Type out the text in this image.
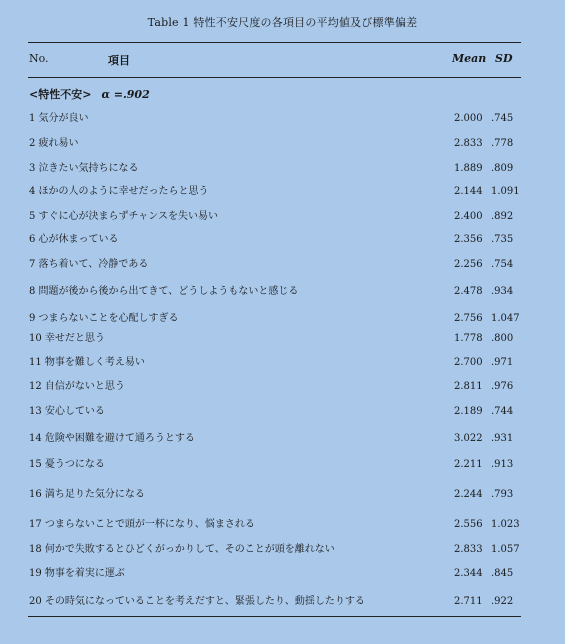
Table 1 特性不安尺度の各項目の平均値及び標準偏差
No.	項目	Mean SD
<特性不安> α =.902
1 気分が良い	2.000 .745
2 疲れ易い	2.833 .778
3 泣きたい気持ちになる	1.889 .809
4 ほかの人のように幸せだったらと思う	2.144 1.091
5 すぐに心が決まらずチャンスを失い易い	2.400 .892
6 心が休まっている	2.356 .735
7 落ち着いて、冷静である	2.256 .754
8 問題が後から後から出てきて、どうしようもないと感じる	2.478 .934
9 つまらないことを心配しすぎる	2.756 1.047
10 幸せだと思う	1.778 .800
11 物事を難しく考え易い	2.700 .971
12 自信がないと思う	2.811 .976
13 安心している	2.189 .744
14 危険や困難を避けて通ろうとする	3.022 .931
15 憂うつになる	2.211 .913
16 満ち足りた気分になる	2.244 .793
17 つまらないことで頭が一杯になり、悩まされる	2.556 1.023
18 何かで失敗するとひどくがっかりして、そのことが頭を離れない	2.833 1.057
19 物事を着実に運ぶ	2.344 .845
20 その時気になっていることを考えだすと、緊張したり、動揺したりする	2.711 .922
